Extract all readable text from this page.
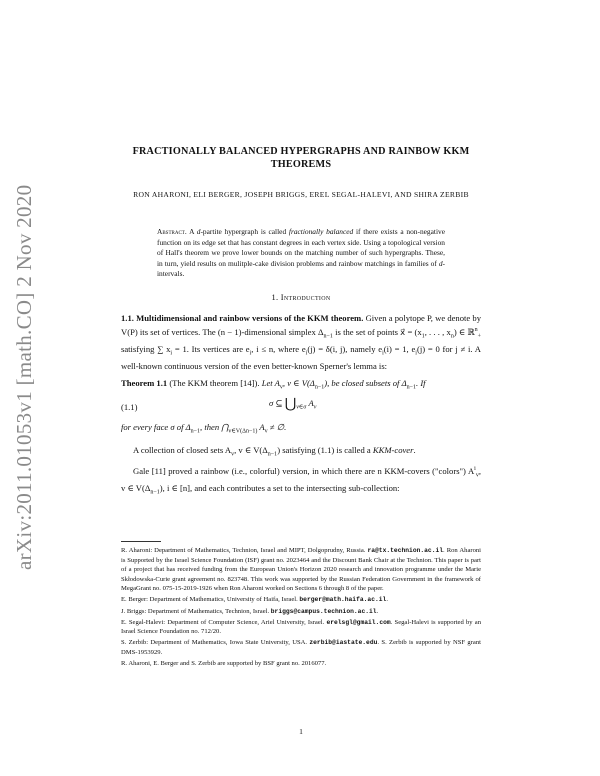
arXiv:2011.01053v1 [math.CO] 2 Nov 2020
FRACTIONALLY BALANCED HYPERGRAPHS AND RAINBOW KKM THEOREMS
RON AHARONI, ELI BERGER, JOSEPH BRIGGS, EREL SEGAL-HALEVI, AND SHIRA ZERBIB
Abstract. A d-partite hypergraph is called fractionally balanced if there exists a non-negative function on its edge set that has constant degrees in each vertex side. Using a topological version of Hall's theorem we prove lower bounds on the matching number of such hypergraphs. These, in turn, yield results on mulitple-cake division problems and rainbow matchings in families of d-intervals.
1. Introduction

1.1. Multidimensional and rainbow versions of the KKM theorem. Given a polytope P, we denote by V(P) its set of vertices. The (n − 1)-dimensional simplex $\Delta_{n-1}$ is the set of points x⃗ = ($x_1$, . . . , $x_n$) ∈ ℝ$^n_+$ satisfying ∑ $x_i = 1$. Its vertices are $e_i$, i ≤ n, where $e_i(j) = \delta(i$, j), namely $e_i(i) = 1$, $e_i(j) = 0$ for j ≠ i. A well-known continuous version of the even better-known Sperner's lemma is:

Theorem 1.1 (The KKM theorem [14]). Let $A_v$, v ∈ $V(\Delta_{n-1})$, be closed subsets of $\Delta_{n-1}$. If

(1.1)	σ ⊆ $⋃_{v\in\sigma}$ $A_v$

for every face σ of $\Delta_{n-1}$, then $⋂_{v\in V(\Delta n-1)}$ $A_v$ ≠ ∅.

A collection of closed sets $A_v$, v ∈ $V(\Delta_{n-1})$ satisfying (1.1) is called a KKM-cover.

Gale [11] proved a rainbow (i.e., colorful) version, in which there are n KKM-covers ("colors") $A^i_v$, v ∈ $V(\Delta_{n-1})$, i ∈ [n], and each contributes a set to the intersecting sub-collection:

R. Aharoni: Department of Mathematics, Technion, Israel and MIPT, Dolgoprudny, Russia. ra@tx.technion.ac.il. Ron Aharoni is Supported by the Israel Science Foundation (ISF) grant no. 2023464 and the Discount Bank Chair at the Technion. This paper is part of a project that has received funding from the European Union's Horizon 2020 research and innovation programme under the Marie Skłodowska-Curie grant agreement no. 823748. This work was supported by the Russian Federation Government in the framework of MegaGrant no. 075-15-2019-1926 when Ron Aharoni worked on Sections 6 through 8 of the paper.

E. Berger: Department of Mathematics, University of Haifa, Israel. berger@math.haifa.ac.il.

J. Briggs: Department of Mathematics, Technion, Israel. briggs@campus.technion.ac.il.

E. Segal-Halevi: Department of Computer Science, Ariel University, Israel. erelsgl@gmail.com. Segal-Halevi is supported by an Israel Science Foundation no. 712/20.

S. Zerbib: Department of Mathematics, Iowa State University, USA. zerbib@iastate.edu. S. Zerbib is supported by NSF grant DMS-1953929.

R. Aharoni, E. Berger and S. Zerbib are supported by BSF grant no. 2016077.

1
